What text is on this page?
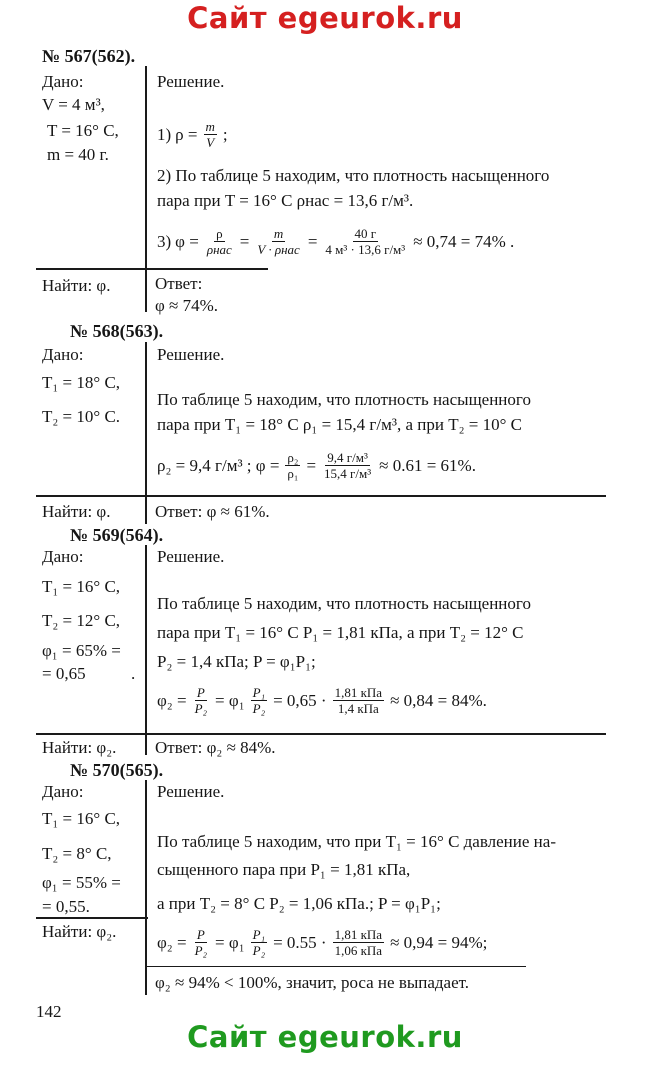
Сайт egeurok.ru
№ 567(562).
Дано:
V = 4 м³,
T = 16° С,
m = 40 г.
Решение.
1) $\rho = \frac{m}{V}$ ;
2) По таблице 5 находим, что плотность насыщенного
пара при T = 16° С ρнас = 13,6 г/м³.
3) $\varphi = \frac{\rho}{\text{ρнас}} = \frac{m}{\text{V · ρнас}} = \frac{40 г}{\text{4 м³ · 13,6 г/м³}} \approx 0,74 = 74\%$ .
Найти: φ.	Ответ:
φ ≈ 74%.
№ 568(563).
Дано:
T₁ = 18° С,
T₂ = 10° С.
Решение.
По таблице 5 находим, что плотность насыщенного
пара при T₁ = 18° С ρ₁ = 15,4 г/м³, а при T₂ = 10° С
ρ₂ = 9,4 г/м³ ; $\varphi = \frac{\text{ρ₂}}{\text{ρ₁}} = \frac{\text{9,4 г/м³}}{\text{15,4 г/м³}} \approx 0.61 = 61\%$.
Найти: φ.	Ответ: φ ≈ 61%.
№ 569(564).
Дано:
T₁ = 16° С,
T₂ = 12° С,
φ₁ = 65% =
= 0,65	.
Решение.
По таблице 5 находим, что плотность насыщенного
пара при T₁ = 16° С P₁ = 1,81 кПа, а при T₂ = 12° С
P₂ = 1,4 кПа; P = φ₁P₁;
$\varphi_2 = \frac{P}{\text{P₂}} = \varphi_1 \frac{\text{P₁}}{\text{P₂}} = 0,65 \cdot \frac{\text{1,81 кПа}}{\text{1,4 кПа}} \approx 0,84 = 84\%$.
Найти: φ₂. Ответ: φ₂ ≈ 84%.
№ 570(565).
Дано:
T₁ = 16° С,
T₂ = 8° С,
φ₁ = 55% =
= 0,55.
Решение.
По таблице 5 находим, что при T₁ = 16° С давление на-
сыщенного пара при P₁ = 1,81 кПа,
а при T₂ = 8° С P₂ = 1,06 кПа.; P = φ₁P₁;
$\varphi_2 = \frac{P}{\text{P₂}} = \varphi_1 \frac{\text{P₁}}{\text{P₂}} = 0.55 \cdot \frac{\text{1,81 кПа}}{\text{1,06 кПа}} \approx 0,94 = 94\%$;
φ₂ ≈ 94% < 100%, значит, роса не выпадает.
Найти: φ₂.
142
Сайт egeurok.ru
